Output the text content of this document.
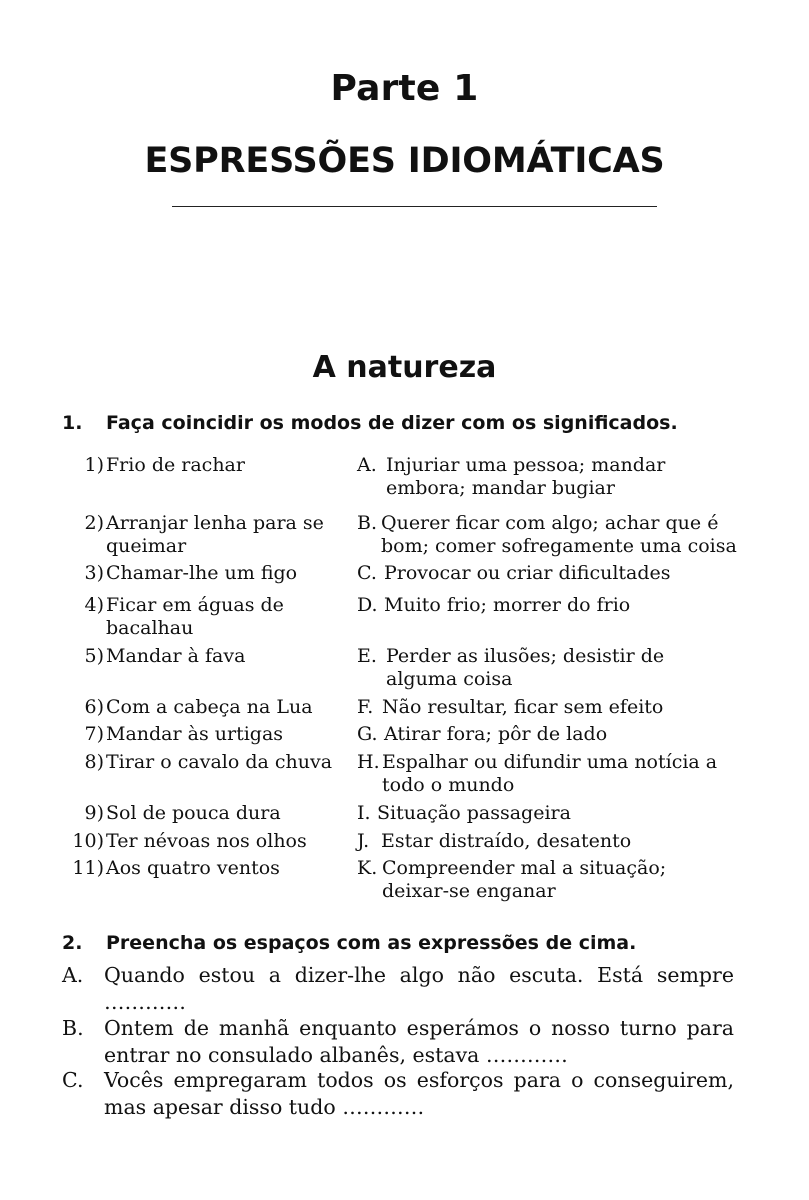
Parte 1
ESPRESSÕES IDIOMÁTICAS
A natureza
1. Faça coincidir os modos de dizer com os significados.
1) Frio de rachar
2) Arranjar lenha para se queimar
3) Chamar-lhe um figo
4) Ficar em águas de bacalhau
5) Mandar à fava
6) Com a cabeça na Lua
7) Mandar às urtigas
8) Tirar o cavalo da chuva
9) Sol de pouca dura
10) Ter névoas nos olhos
11) Aos quatro ventos
A. Injuriar uma pessoa; mandar embora; mandar bugiar
B. Querer ficar com algo; achar que é bom; comer sofregamente uma coisa
C. Provocar ou criar dificultades
D. Muito frio; morrer do frio
E. Perder as ilusões; desistir de alguma coisa
F. Não resultar, ficar sem efeito
G. Atirar fora; pôr de lado
H. Espalhar ou difundir uma notícia a todo o mundo
I. Situação passageira
J. Estar distraído, desatento
K. Compreender mal a situação; deixar-se enganar
2. Preencha os espaços com as expressões de cima.
A. Quando estou a dizer-lhe algo não escuta. Está sempre …………
B. Ontem de manhã enquanto esperámos o nosso turno para entrar no consulado albanês, estava …………
C. Vocês empregaram todos os esforços para o conseguirem, mas apesar disso tudo …………
